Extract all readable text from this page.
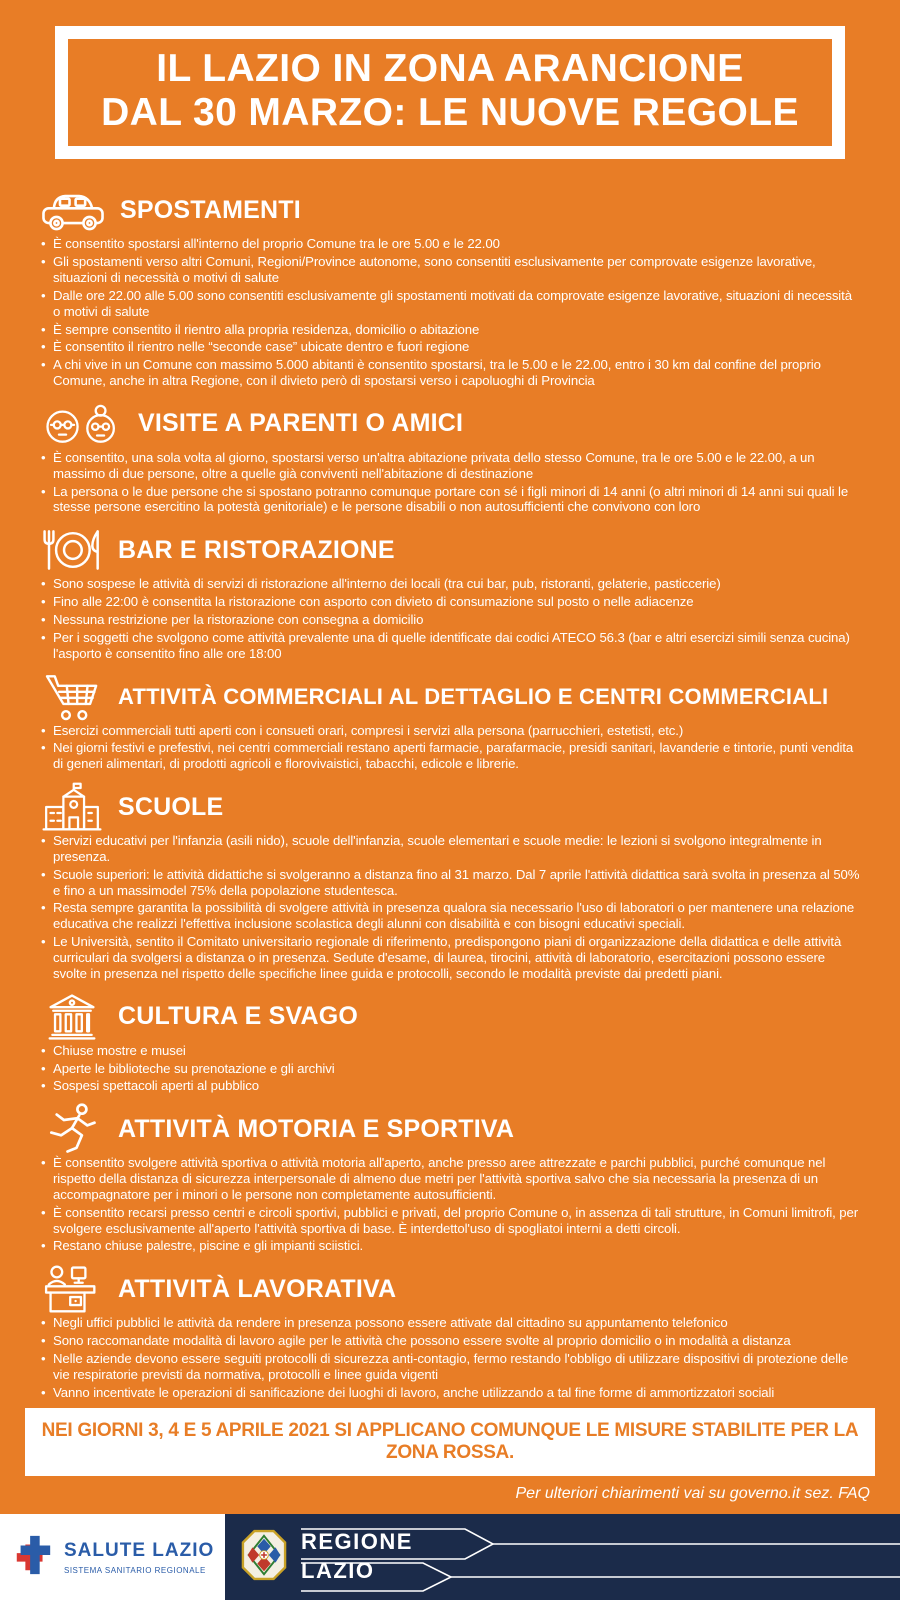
IL LAZIO IN ZONA ARANCIONE
DAL 30 MARZO: LE NUOVE REGOLE
SPOSTAMENTI
• È consentito spostarsi all'interno del proprio Comune tra le ore 5.00 e le 22.00
• Gli spostamenti verso altri Comuni, Regioni/Province autonome, sono consentiti esclusivamente per comprovate esigenze lavorative, situazioni di necessità o motivi di salute
• Dalle ore 22.00 alle 5.00 sono consentiti esclusivamente gli spostamenti motivati da comprovate esigenze lavorative, situazioni di necessità o motivi di salute
• È sempre consentito il rientro alla propria residenza, domicilio o abitazione
• È consentito il rientro nelle “seconde case” ubicate dentro e fuori regione
• A chi vive in un Comune con massimo 5.000 abitanti è consentito spostarsi, tra le 5.00 e le 22.00, entro i 30 km dal confine del proprio Comune, anche in altra Regione, con il divieto però di spostarsi verso i capoluoghi di Provincia
VISITE A PARENTI O AMICI
• È consentito, una sola volta al giorno, spostarsi verso un'altra abitazione privata dello stesso Comune, tra le ore 5.00 e le 22.00, a un massimo di due persone, oltre a quelle già conviventi nell'abitazione di destinazione
• La persona o le due persone che si spostano potranno comunque portare con sé i figli minori di 14 anni (o altri minori di 14 anni sui quali le stesse persone esercitino la potestà genitoriale) e le persone disabili o non autosufficienti che convivono con loro
BAR E RISTORAZIONE
• Sono sospese le attività di servizi di ristorazione all'interno dei locali (tra cui bar, pub, ristoranti, gelaterie, pasticcerie)
• Fino alle 22:00 è consentita la ristorazione con asporto con divieto di consumazione sul posto o nelle adiacenze
• Nessuna restrizione per la ristorazione con consegna a domicilio
• Per i soggetti che svolgono come attività prevalente una di quelle identificate dai codici ATECO 56.3 (bar e altri esercizi simili senza cucina) l'asporto è consentito fino alle ore 18:00
ATTIVITÀ COMMERCIALI AL DETTAGLIO E CENTRI COMMERCIALI
• Esercizi commerciali tutti aperti con i consueti orari, compresi i servizi alla persona (parrucchieri, estetisti, etc.)
• Nei giorni festivi e prefestivi, nei centri commerciali restano aperti farmacie, parafarmacie, presidi sanitari, lavanderie e tintorie, punti vendita di generi alimentari, di prodotti agricoli e florovivaistici, tabacchi, edicole e librerie.
SCUOLE
• Servizi educativi per l'infanzia (asili nido), scuole dell'infanzia, scuole elementari e scuole medie: le lezioni si svolgono integralmente in presenza.
• Scuole superiori: le attività didattiche si svolgeranno a distanza fino al 31 marzo. Dal 7 aprile l'attività didattica sarà svolta in presenza al 50% e fino a un massimodel 75% della popolazione studentesca.
• Resta sempre garantita la possibilità di svolgere attività in presenza qualora sia necessario l'uso di laboratori o per mantenere una relazione educativa che realizzi l'effettiva inclusione scolastica degli alunni con disabilità e con bisogni educativi speciali.
• Le Università, sentito il Comitato universitario regionale di riferimento, predispongono piani di organizzazione della didattica e delle attività curriculari da svolgersi a distanza o in presenza. Sedute d'esame, di laurea, tirocini, attività di laboratorio, esercitazioni possono essere svolte in presenza nel rispetto delle specifiche linee guida e protocolli, secondo le modalità previste dai predetti piani.
CULTURA E SVAGO
• Chiuse mostre e musei
• Aperte le biblioteche su prenotazione e gli archivi
• Sospesi spettacoli aperti al pubblico
ATTIVITÀ MOTORIA E SPORTIVA
• È consentito svolgere attività sportiva o attività motoria all'aperto, anche presso aree attrezzate e parchi pubblici, purché comunque nel rispetto della distanza di sicurezza interpersonale di almeno due metri per l'attività sportiva salvo che sia necessaria la presenza di un accompagnatore per i minori o le persone non completamente autosufficienti.
• È consentito recarsi presso centri e circoli sportivi, pubblici e privati, del proprio Comune o, in assenza di tali strutture, in Comuni limitrofi, per svolgere esclusivamente all'aperto l'attività sportiva di base. È interdettol'uso di spogliatoi interni a detti circoli.
• Restano chiuse palestre, piscine e gli impianti sciistici.
ATTIVITÀ LAVORATIVA
• Negli uffici pubblici le attività da rendere in presenza possono essere attivate dal cittadino su appuntamento telefonico
• Sono raccomandate modalità di lavoro agile per le attività che possono essere svolte al proprio domicilio o in modalità a distanza
• Nelle aziende devono essere seguiti protocolli di sicurezza anti-contagio, fermo restando l'obbligo di utilizzare dispositivi di protezione delle vie respiratorie previsti da normativa, protocolli e linee guida vigenti
• Vanno incentivate le operazioni di sanificazione dei luoghi di lavoro, anche utilizzando a tal fine forme di ammortizzatori sociali
NEI GIORNI 3, 4 E 5 APRILE 2021 SI APPLICANO COMUNQUE LE MISURE STABILITE PER LA ZONA ROSSA.
Per ulteriori chiarimenti vai su governo.it sez. FAQ
SALUTE LAZIO
SISTEMA SANITARIO REGIONALE
REGIONE
LAZIO
